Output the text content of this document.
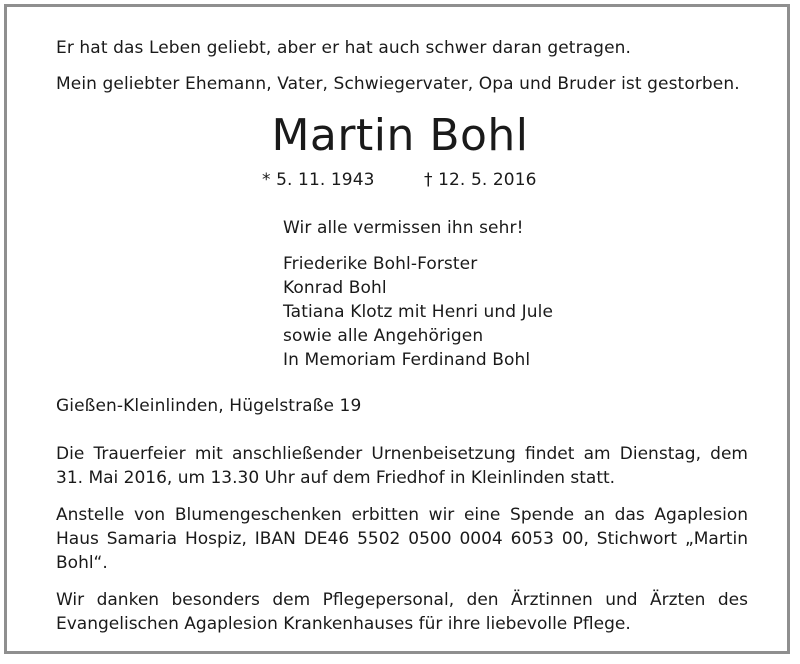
Er hat das Leben geliebt, aber er hat auch schwer daran getragen.
Mein geliebter Ehemann, Vater, Schwiegervater, Opa und Bruder ist gestorben.
Martin Bohl
* 5. 11. 1943	† 12. 5. 2016
Wir alle vermissen ihn sehr!
Friederike Bohl-Forster
Konrad Bohl
Tatiana Klotz mit Henri und Jule
sowie alle Angehörigen
In Memoriam Ferdinand Bohl
Gießen-Kleinlinden, Hügelstraße 19
Die Trauerfeier mit anschließender Urnenbeisetzung findet am Dienstag, dem 31. Mai 2016, um 13.30 Uhr auf dem Friedhof in Kleinlinden statt.
Anstelle von Blumengeschenken erbitten wir eine Spende an das Agaplesion Haus Samaria Hospiz, IBAN DE46 5502 0500 0004 6053 00, Stichwort „Martin Bohl“.
Wir danken besonders dem Pflegepersonal, den Ärztinnen und Ärzten des Evangelischen Agaplesion Krankenhauses für ihre liebevolle Pflege.
